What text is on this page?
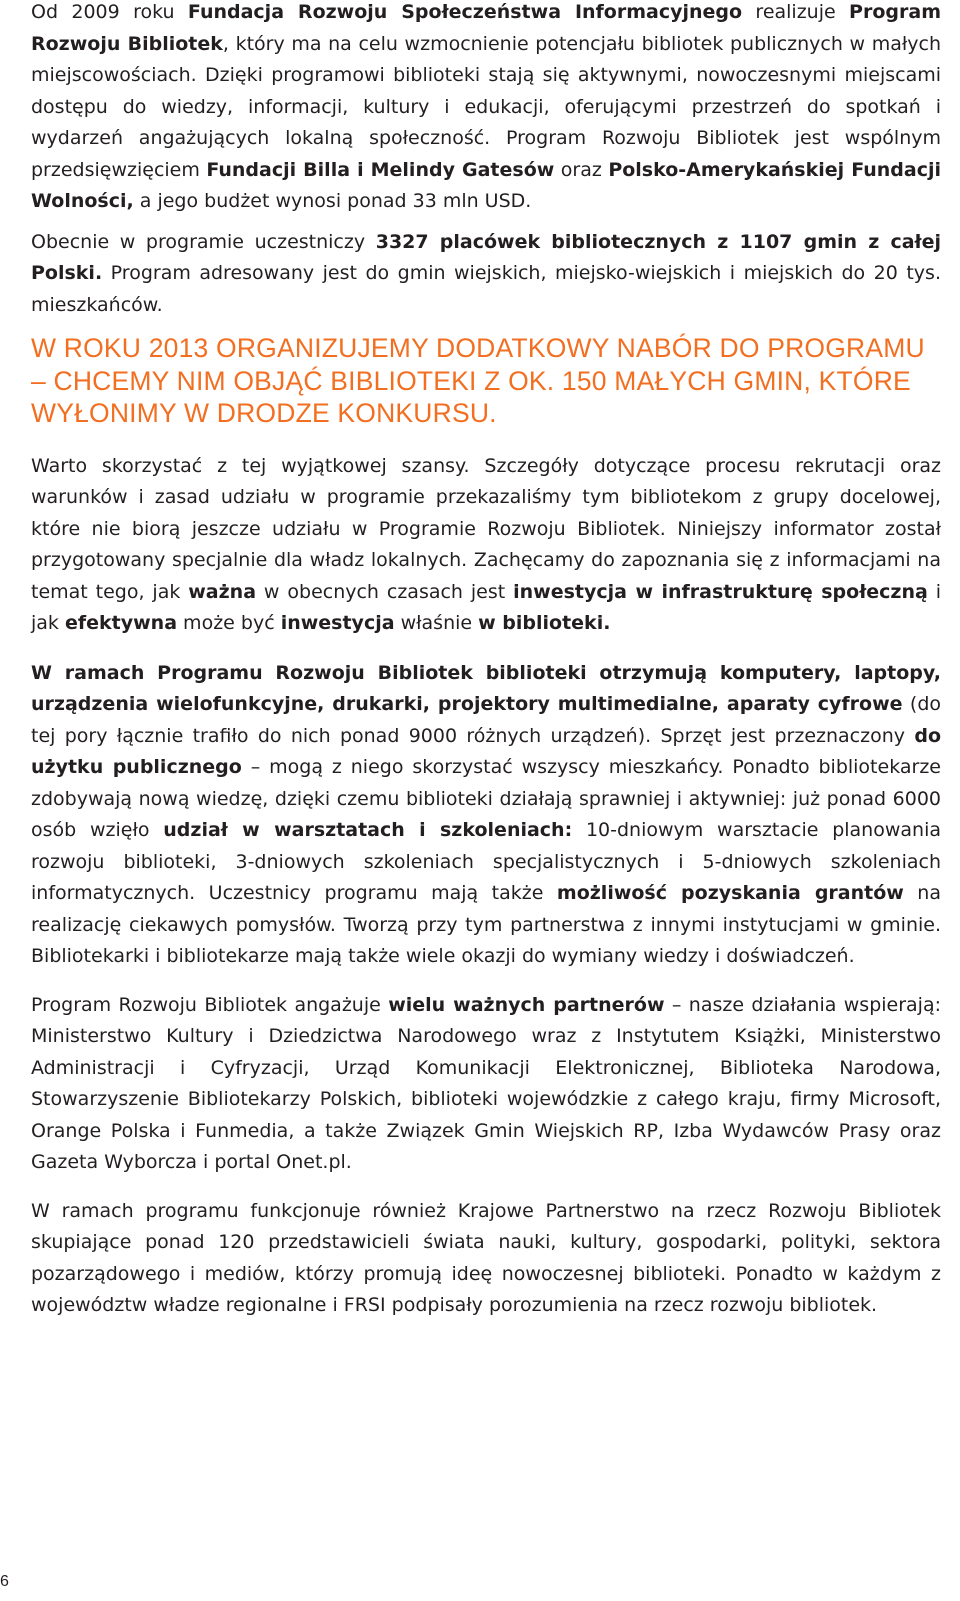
Od 2009 roku Fundacja Rozwoju Społeczeństwa Informacyjnego realizuje Program Rozwoju Bibliotek, który ma na celu wzmocnienie potencjału bibliotek publicznych w małych miejscowościach. Dzięki programowi biblioteki stają się aktywnymi, nowoczesnymi miejscami dostępu do wiedzy, informacji, kultury i edukacji, oferującymi przestrzeń do spotkań i wydarzeń angażujących lokalną społeczność. Program Rozwoju Bibliotek jest wspólnym przedsięwzięciem Fundacji Billa i Melindy Gatesów oraz Polsko-Amerykańskiej Fundacji Wolności, a jego budżet wynosi ponad 33 mln USD.

Obecnie w programie uczestniczy 3327 placówek bibliotecznych z 1107 gmin z całej Polski. Program adresowany jest do gmin wiejskich, miejsko-wiejskich i miejskich do 20 tys. mieszkańców.

W ROKU 2013 ORGANIZUJEMY DODATKOWY NABÓR DO PROGRAMU
– CHCEMY NIM OBJĄĆ BIBLIOTEKI Z OK. 150 MAŁYCH GMIN, KTÓRE
WYŁONIMY W DRODZE KONKURSU.

Warto skorzystać z tej wyjątkowej szansy. Szczegóły dotyczące procesu rekrutacji oraz warunków i zasad udziału w programie przekazaliśmy tym bibliotekom z grupy docelowej, które nie biorą jeszcze udziału w Programie Rozwoju Bibliotek. Niniejszy informator został przygotowany specjalnie dla władz lokalnych. Zachęcamy do zapoznania się z informacjami na temat tego, jak ważna w obecnych czasach jest inwestycja w infrastrukturę społeczną i jak efektywna może być inwestycja właśnie w biblioteki.

W ramach Programu Rozwoju Bibliotek biblioteki otrzymują komputery, laptopy, urządzenia wielofunkcyjne, drukarki, projektory multimedialne, aparaty cyfrowe (do tej pory łącznie trafiło do nich ponad 9000 różnych urządzeń). Sprzęt jest przeznaczony do użytku publicznego – mogą z niego skorzystać wszyscy mieszkańcy. Ponadto bibliotekarze zdobywają nową wiedzę, dzięki czemu biblioteki działają sprawniej i aktywniej: już ponad 6000 osób wzięło udział w warsztatach i szkoleniach: 10-dniowym warsztacie planowania rozwoju biblioteki, 3-dniowych szkoleniach specjalistycznych i 5-dniowych szkoleniach informatycznych. Uczestnicy programu mają także możliwość pozyskania grantów na realizację ciekawych pomysłów. Tworzą przy tym partnerstwa z innymi instytucjami w gminie. Bibliotekarki i bibliotekarze mają także wiele okazji do wymiany wiedzy i doświadczeń.

Program Rozwoju Bibliotek angażuje wielu ważnych partnerów – nasze działania wspierają: Ministerstwo Kultury i Dziedzictwa Narodowego wraz z Instytutem Książki, Ministerstwo Administracji i Cyfryzacji, Urząd Komunikacji Elektronicznej, Biblioteka Narodowa, Stowarzyszenie Bibliotekarzy Polskich, biblioteki wojewódzkie z całego kraju, firmy Microsoft, Orange Polska i Funmedia, a także Związek Gmin Wiejskich RP, Izba Wydawców Prasy oraz Gazeta Wyborcza i portal Onet.pl.

W ramach programu funkcjonuje również Krajowe Partnerstwo na rzecz Rozwoju Bibliotek skupiające ponad 120 przedstawicieli świata nauki, kultury, gospodarki, polityki, sektora pozarządowego i mediów, którzy promują ideę nowoczesnej biblioteki. Ponadto w każdym z województw władze regionalne i FRSI podpisały porozumienia na rzecz rozwoju bibliotek.

6
